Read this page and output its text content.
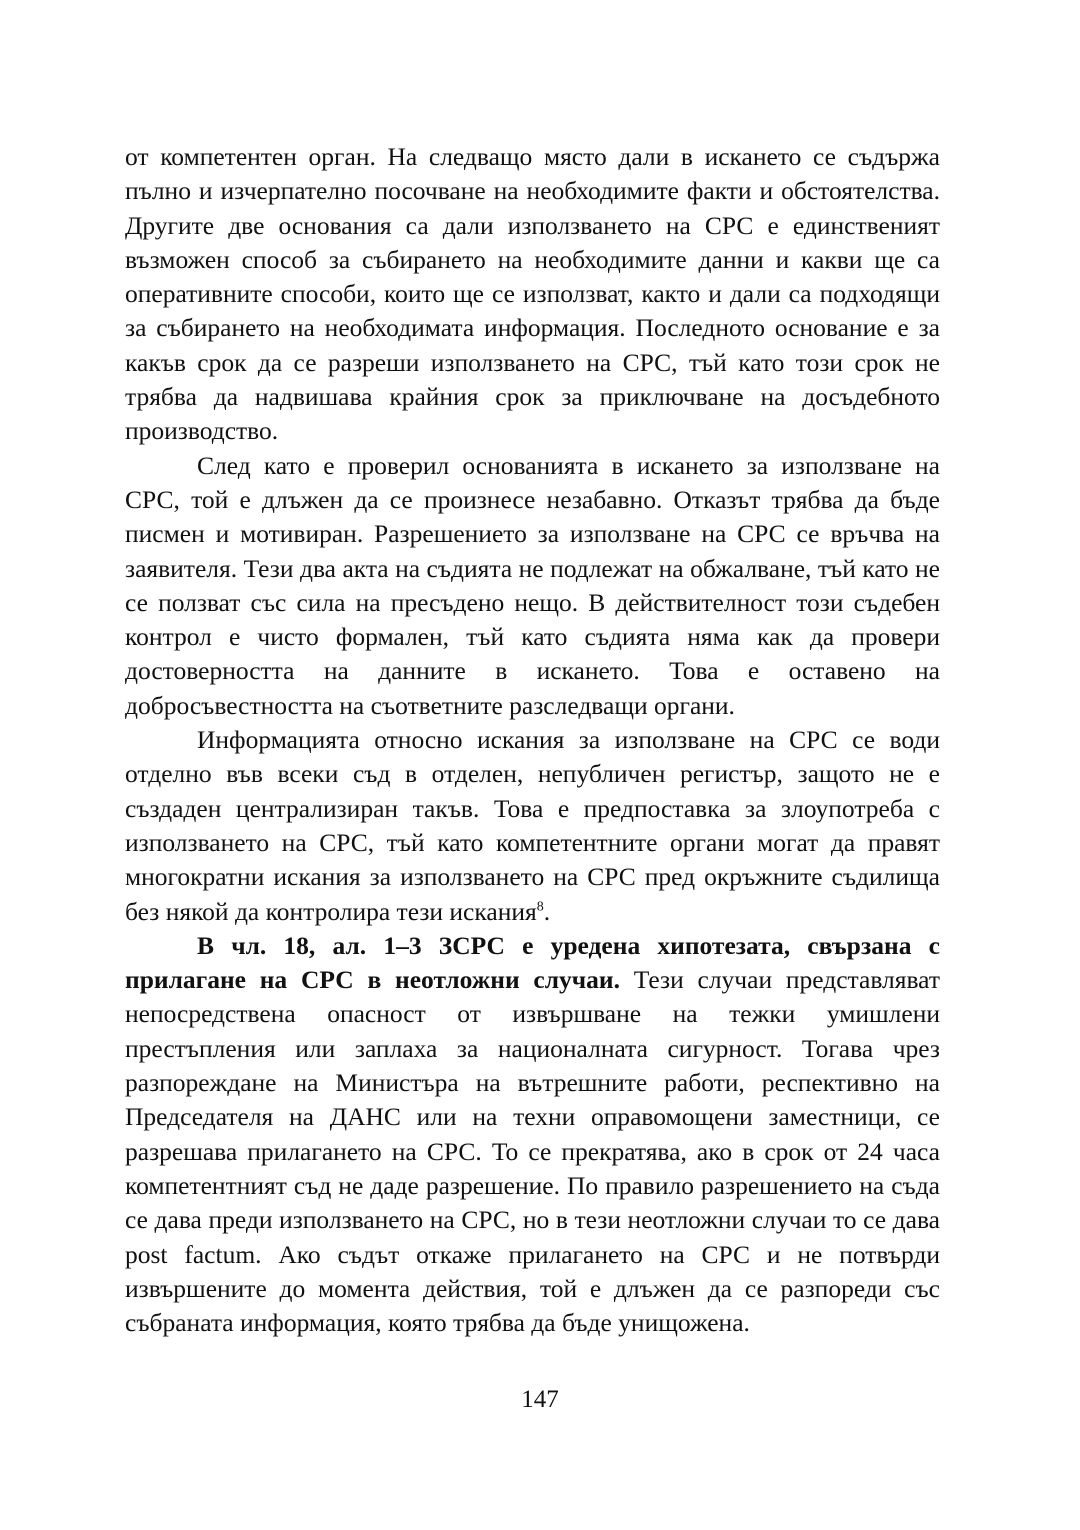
от компетентен орган. На следващо място дали в искането се съдържа пълно и изчерпателно посочване на необходимите факти и обстоятелства. Другите две основания са дали използването на СРС е единственият възможен способ за събирането на необходимите данни и какви ще са оперативните способи, които ще се използват, както и дали са подходящи за събирането на необходимата информация. Последното основание е за какъв срок да се разреши използването на СРС, тъй като този срок не трябва да надвишава крайния срок за приключване на досъдебното производство.

След като е проверил основанията в искането за използване на СРС, той е длъжен да се произнесе незабавно. Отказът трябва да бъде писмен и мотивиран. Разрешението за използване на СРС се връчва на заявителя. Тези два акта на съдията не подлежат на обжалване, тъй като не се ползват със сила на пресъдено нещо. В действителност този съдебен контрол е чисто формален, тъй като съдията няма как да провери достоверността на данните в искането. Това е оставено на добросъвестността на съответните разследващи органи.

Информацията относно искания за използване на СРС се води отделно във всеки съд в отделен, непубличен регистър, защото не е създаден централизиран такъв. Това е предпоставка за злоупотреба с използването на СРС, тъй като компетентните органи могат да правят многократни искания за използването на СРС пред окръжните съдилища без някой да контролира тези искания$^8$.

В чл. 18, ал. 1–3 ЗСРС е уредена хипотезата, свързана с прилагане на СРС в неотложни случаи. Тези случаи представляват непосредствена опасност от извършване на тежки умишлени престъпления или заплаха за националната сигурност. Тогава чрез разпореждане на Министъра на вътрешните работи, респективно на Председателя на ДАНС или на техни оправомощени заместници, се разрешава прилагането на СРС. То се прекратява, ако в срок от 24 часа компетентният съд не даде разрешение. По правило разрешението на съда се дава преди използването на СРС, но в тези неотложни случаи то се дава post factum. Ако съдът откаже прилагането на СРС и не потвърди извършените до момента действия, той е длъжен да се разпореди със събраната информация, която трябва да бъде унищожена.

147
